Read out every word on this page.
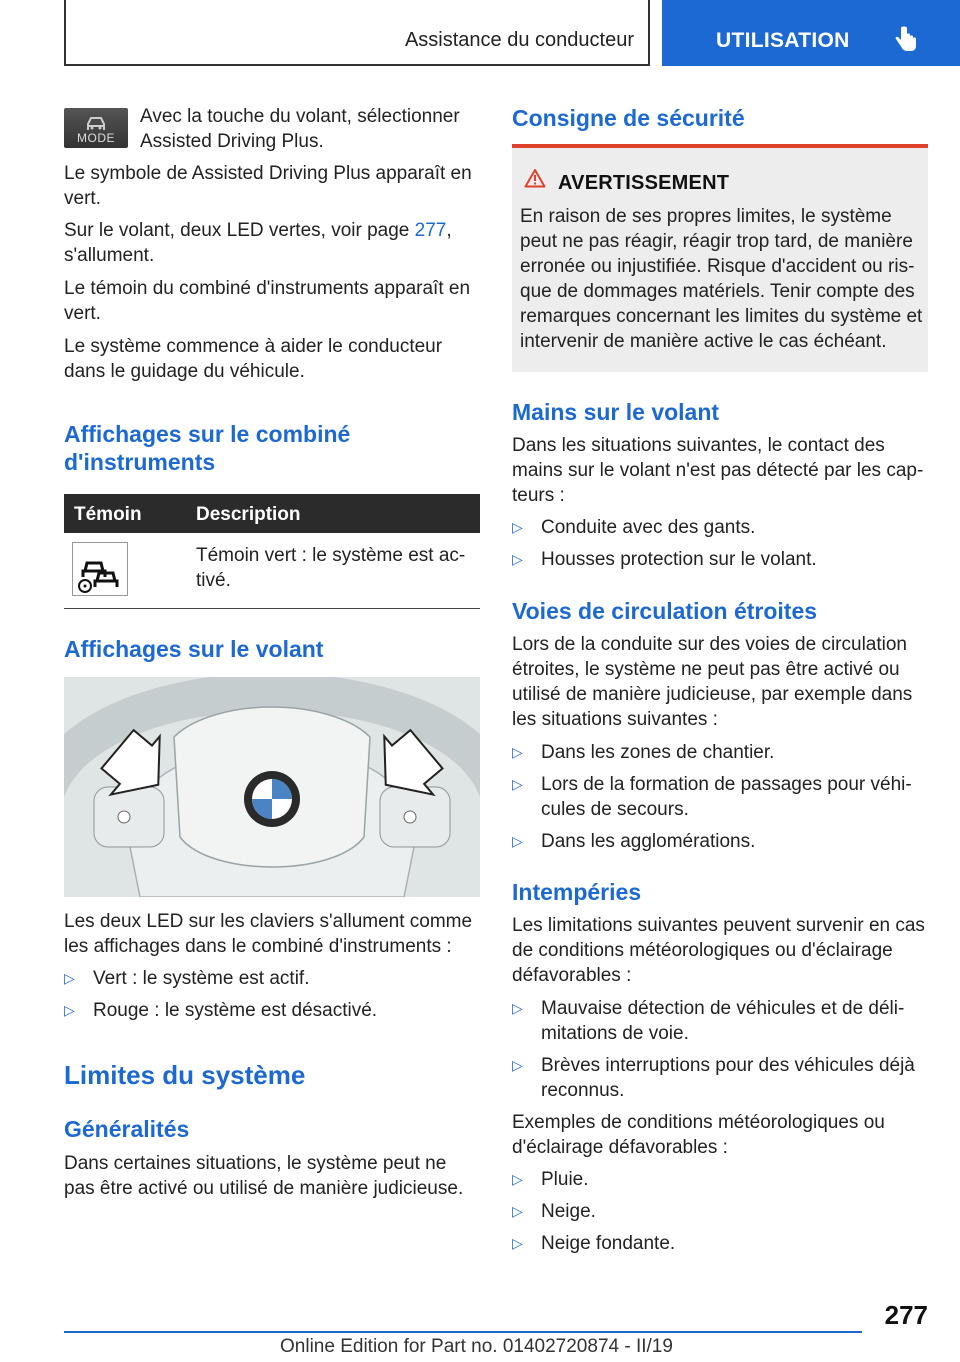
Assistance du conducteur	UTILISATION
MODE

Avec la touche du volant, sélectionner Assisted Driving Plus.

Le symbole de Assisted Driving Plus apparaît en vert.

Sur le volant, deux LED vertes, voir page 277, s'allument.

Le témoin du combiné d'instruments apparaît en vert.

Le système commence à aider le conducteur dans le guidage du véhicule.

Affichages sur le combiné d'instruments
Témoin	Description

Témoin vert : le système est ac-tivé.

Affichages sur le volant

Les deux LED sur les claviers s'allument comme les affichages dans le combiné d'instruments :

▷ Vert : le système est actif.
▷ Rouge : le système est désactivé.
Limites du système
Généralités

Dans certaines situations, le système peut ne pas être activé ou utilisé de manière judicieuse.

Consigne de sécurité
AVERTISSEMENT

En raison de ses propres limites, le système peut ne pas réagir, réagir trop tard, de manière erronée ou injustifiée. Risque d'accident ou ris-que de dommages matériels. Tenir compte des remarques concernant les limites du système et intervenir de manière active le cas échéant.

Mains sur le volant

Dans les situations suivantes, le contact des mains sur le volant n'est pas détecté par les cap-teurs :

▷ Conduite avec des gants.
▷ Housses protection sur le volant.
Voies de circulation étroites

Lors de la conduite sur des voies de circulation étroites, le système ne peut pas être activé ou utilisé de manière judicieuse, par exemple dans les situations suivantes :

▷ Dans les zones de chantier.
▷ Lors de la formation de passages pour véhi-cules de secours.
▷ Dans les agglomérations.
Intempéries

Les limitations suivantes peuvent survenir en cas de conditions météorologiques ou d'éclairage défavorables :

▷ Mauvaise détection de véhicules et de déli-mitations de voie.
▷ Brèves interruptions pour des véhicules déjà reconnus.

Exemples de conditions météorologiques ou d'éclairage défavorables :

▷ Pluie.
▷ Neige.
▷ Neige fondante.
277
Online Edition for Part no. 01402720874 - II/19
